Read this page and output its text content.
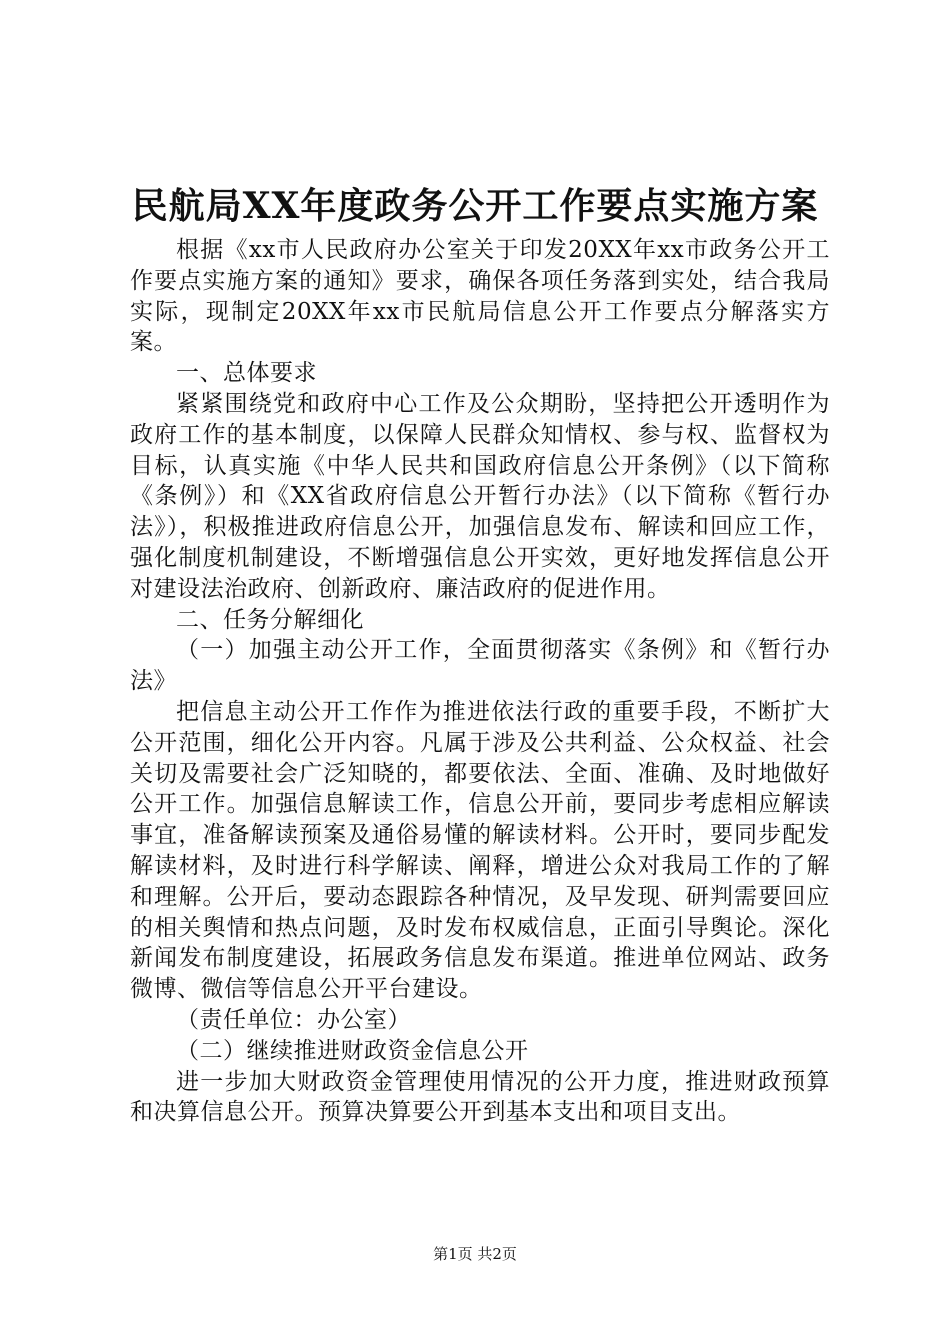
民航局XX年度政务公开工作要点实施方案

根据《xx市人民政府办公室关于印发20XX年xx市政务公开工作要点实施方案的通知》要求，确保各项任务落到实处，结合我局实际，现制定20XX年xx市民航局信息公开工作要点分解落实方案。

一、总体要求

紧紧围绕党和政府中心工作及公众期盼，坚持把公开透明作为政府工作的基本制度，以保障人民群众知情权、参与权、监督权为目标，认真实施《中华人民共和国政府信息公开条例》（以下简称《条例》）和《XX省政府信息公开暂行办法》（以下简称《暂行办法》），积极推进政府信息公开，加强信息发布、解读和回应工作，强化制度机制建设，不断增强信息公开实效，更好地发挥信息公开对建设法治政府、创新政府、廉洁政府的促进作用。

二、任务分解细化

（一）加强主动公开工作，全面贯彻落实《条例》和《暂行办法》

把信息主动公开工作作为推进依法行政的重要手段，不断扩大公开范围，细化公开内容。凡属于涉及公共利益、公众权益、社会关切及需要社会广泛知晓的，都要依法、全面、准确、及时地做好公开工作。加强信息解读工作，信息公开前，要同步考虑相应解读事宜，准备解读预案及通俗易懂的解读材料。公开时，要同步配发解读材料，及时进行科学解读、阐释，增进公众对我局工作的了解和理解。公开后，要动态跟踪各种情况，及早发现、研判需要回应的相关舆情和热点问题，及时发布权威信息，正面引导舆论。深化新闻发布制度建设，拓展政务信息发布渠道。推进单位网站、政务微博、微信等信息公开平台建设。

（责任单位：办公室）

（二）继续推进财政资金信息公开

进一步加大财政资金管理使用情况的公开力度，推进财政预算和决算信息公开。预算决算要公开到基本支出和项目支出。

第1页 共2页
